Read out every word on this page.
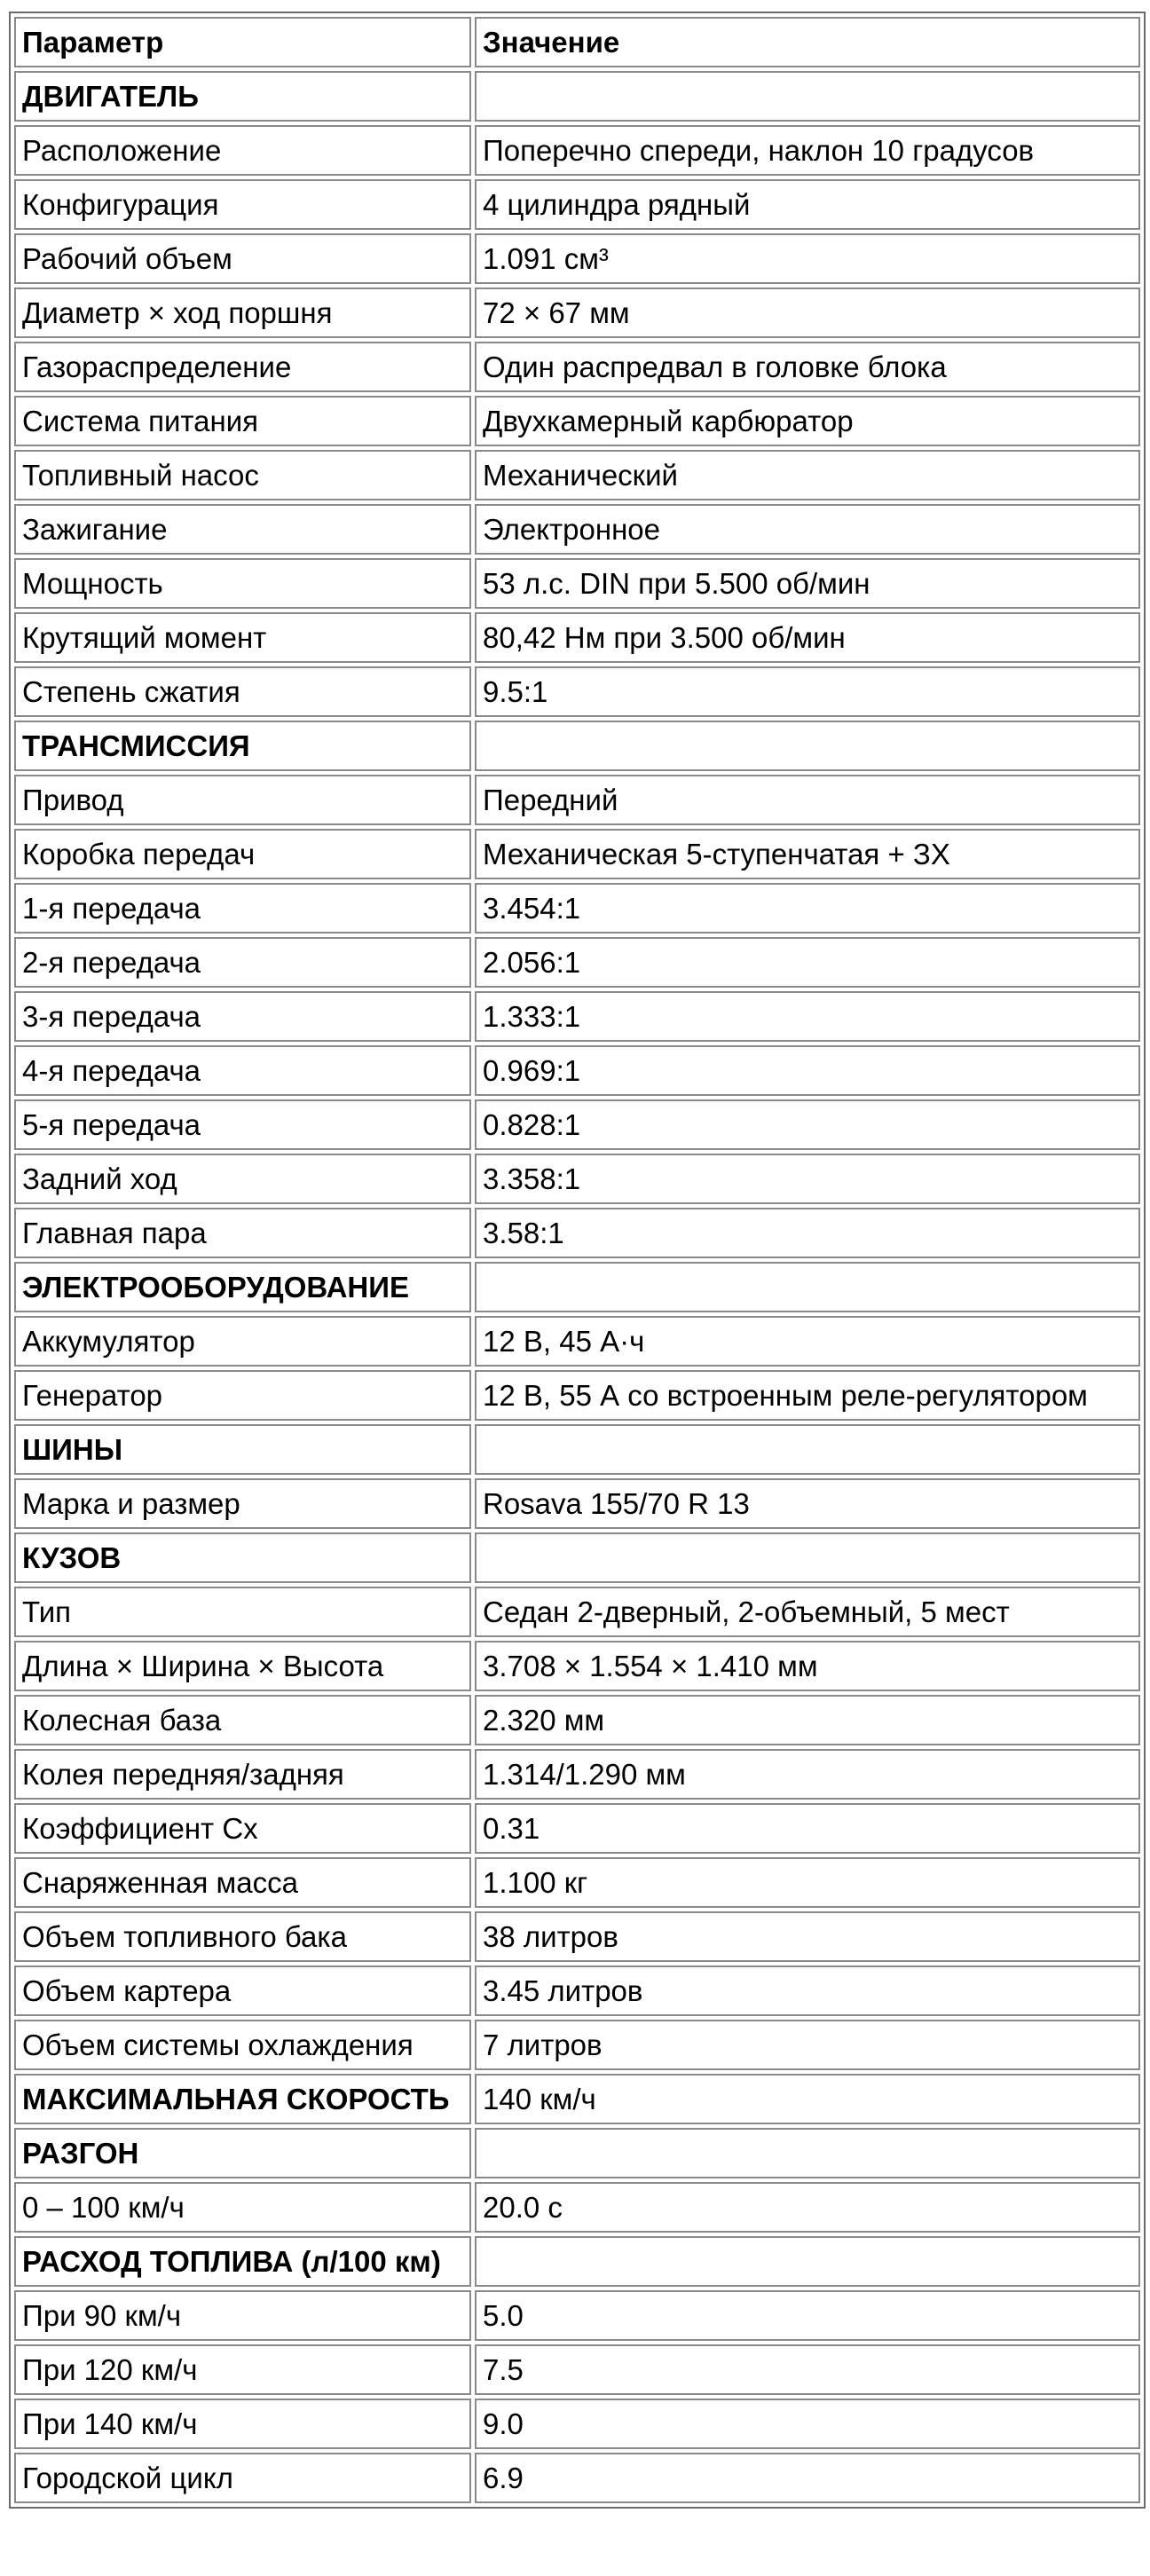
Параметр	Значение
ДВИГАТЕЛЬ	
Расположение	Поперечно спереди, наклон 10 градусов
Конфигурация	4 цилиндра рядный
Рабочий объем	1.091 см³
Диаметр × ход поршня	72 × 67 мм
Газораспределение	Один распредвал в головке блока
Система питания	Двухкамерный карбюратор
Топливный насос	Механический
Зажигание	Электронное
Мощность	53 л.с. DIN при 5.500 об/мин
Крутящий момент	80,42 Нм при 3.500 об/мин
Степень сжатия	9.5:1
ТРАНСМИССИЯ	
Привод	Передний
Коробка передач	Механическая 5-ступенчатая + ЗХ
1-я передача	3.454:1
2-я передача	2.056:1
3-я передача	1.333:1
4-я передача	0.969:1
5-я передача	0.828:1
Задний ход	3.358:1
Главная пара	3.58:1
ЭЛЕКТРООБОРУДОВАНИЕ	
Аккумулятор	12 В, 45 А·ч
Генератор	12 В, 55 А со встроенным реле-регулятором
ШИНЫ	
Марка и размер	Rosava 155/70 R 13
КУЗОВ	
Тип	Седан 2-дверный, 2-объемный, 5 мест
Длина × Ширина × Высота	3.708 × 1.554 × 1.410 мм
Колесная база	2.320 мм
Колея передняя/задняя	1.314/1.290 мм
Коэффициент Cx	0.31
Снаряженная масса	1.100 кг
Объем топливного бака	38 литров
Объем картера	3.45 литров
Объем системы охлаждения	7 литров
МАКСИМАЛЬНАЯ СКОРОСТЬ	140 км/ч
РАЗГОН	
0 – 100 км/ч	20.0 с
РАСХОД ТОПЛИВА (л/100 км)	
При 90 км/ч	5.0
При 120 км/ч	7.5
При 140 км/ч	9.0
Городской цикл	6.9
